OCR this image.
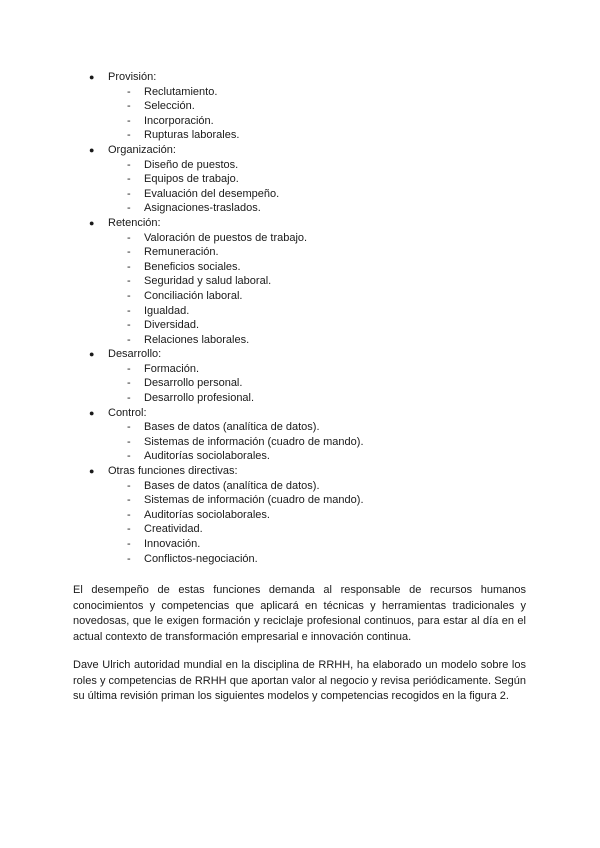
● Provisión:
- Reclutamiento.
- Selección.
- Incorporación.
- Rupturas laborales.
● Organización:
- Diseño de puestos.
- Equipos de trabajo.
- Evaluación del desempeño.
- Asignaciones-traslados.
● Retención:
- Valoración de puestos de trabajo.
- Remuneración.
- Beneficios sociales.
- Seguridad y salud laboral.
- Conciliación laboral.
- Igualdad.
- Diversidad.
- Relaciones laborales.
● Desarrollo:
- Formación.
- Desarrollo personal.
- Desarrollo profesional.
● Control:
- Bases de datos (analítica de datos).
- Sistemas de información (cuadro de mando).
- Auditorías sociolaborales.
● Otras funciones directivas:
- Bases de datos (analítica de datos).
- Sistemas de información (cuadro de mando).
- Auditorías sociolaborales.
- Creatividad.
- Innovación.
- Conflictos-negociación.

El desempeño de estas funciones demanda al responsable de recursos humanos conocimientos y competencias que aplicará en técnicas y herramientas tradicionales y novedosas, que le exigen formación y reciclaje profesional continuos, para estar al día en el actual contexto de transformación empresarial e innovación continua.

Dave Ulrich autoridad mundial en la disciplina de RRHH, ha elaborado un modelo sobre los roles y competencias de RRHH que aportan valor al negocio y revisa periódicamente. Según su última revisión priman los siguientes modelos y competencias recogidos en la figura 2.
